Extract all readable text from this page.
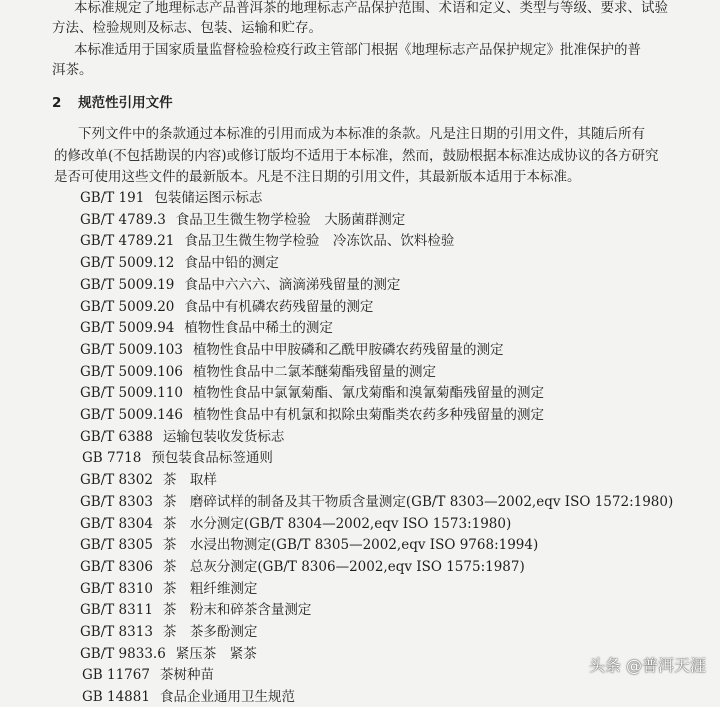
本标准规定了地理标志产品普洱茶的地理标志产品保护范围、术语和定义、类型与等级、要求、试验
方法、检验规则及标志、包装、运输和贮存。
本标准适用于国家质量监督检验检疫行政主管部门根据《地理标志产品保护规定》批准保护的普
洱茶。
2 规范性引用文件
下列文件中的条款通过本标准的引用而成为本标准的条款。凡是注日期的引用文件，其随后所有
的修改单(不包括勘误的内容)或修订版均不适用于本标准，然而，鼓励根据本标准达成协议的各方研究
是否可使用这些文件的最新版本。凡是不注日期的引用文件，其最新版本适用于本标准。
GB/T 191 包装储运图示标志
GB/T 4789.3 食品卫生微生物学检验　大肠菌群测定
GB/T 4789.21 食品卫生微生物学检验　冷冻饮品、饮料检验
GB/T 5009.12 食品中铅的测定
GB/T 5009.19 食品中六六六、滴滴涕残留量的测定
GB/T 5009.20 食品中有机磷农药残留量的测定
GB/T 5009.94 植物性食品中稀土的测定
GB/T 5009.103 植物性食品中甲胺磷和乙酰甲胺磷农药残留量的测定
GB/T 5009.106 植物性食品中二氯苯醚菊酯残留量的测定
GB/T 5009.110 植物性食品中氯氰菊酯、氰戊菊酯和溴氰菊酯残留量的测定
GB/T 5009.146 植物性食品中有机氯和拟除虫菊酯类农药多种残留量的测定
GB/T 6388 运输包装收发货标志
GB 7718 预包装食品标签通则
GB/T 8302 茶　取样
GB/T 8303 茶　磨碎试样的制备及其干物质含量测定(GB/T 8303—2002,eqv ISO 1572:1980)
GB/T 8304 茶　水分测定(GB/T 8304—2002,eqv ISO 1573:1980)
GB/T 8305 茶　水浸出物测定(GB/T 8305—2002,eqv ISO 9768:1994)
GB/T 8306 茶　总灰分测定(GB/T 8306—2002,eqv ISO 1575:1987)
GB/T 8310 茶　粗纤维测定
GB/T 8311 茶　粉末和碎茶含量测定
GB/T 8313 茶　茶多酚测定
GB/T 9833.6 紧压茶　紧茶
GB 11767 茶树种苗
GB 14881 食品企业通用卫生规范
头条 @普洱天涯
